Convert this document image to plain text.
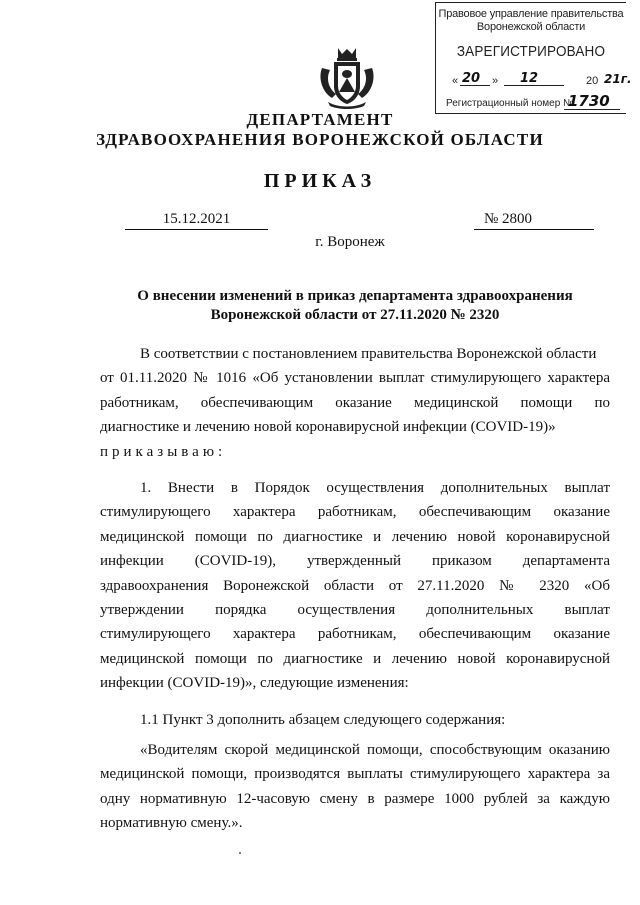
Правовое управление правительства
Воронежской области
ЗАРЕГИСТРИРОВАНО
« 20 » 12	20 21г.
Регистрационный номер №
1730
ДЕПАРТАМЕНТ
ЗДРАВООХРАНЕНИЯ ВОРОНЕЖСКОЙ ОБЛАСТИ
ПРИКАЗ
15.12.2021	№ 2800
г. Воронеж
О внесении изменений в приказ департамента здравоохранения
Воронежской области от 27.11.2020 № 2320
В соответствии с постановлением правительства Воронежской области
от 01.11.2020 № 1016 «Об установлении выплат стимулирующего характера
работникам, обеспечивающим оказание медицинской помощи по
диагностике и лечению новой коронавирусной инфекции (COVID-19)»
приказываю:
1. Внести в Порядок осуществления дополнительных выплат
стимулирующего характера работникам, обеспечивающим оказание
медицинской помощи по диагностике и лечению новой коронавирусной
инфекции (COVID-19), утвержденный приказом департамента
здравоохранения Воронежской области от 27.11.2020 № 2320 «Об
утверждении порядка осуществления дополнительных выплат
стимулирующего характера работникам, обеспечивающим оказание
медицинской помощи по диагностике и лечению новой коронавирусной
инфекции (COVID-19)», следующие изменения:
1.1 Пункт 3 дополнить абзацем следующего содержания:
«Водителям скорой медицинской помощи, способствующим оказанию
медицинской помощи, производятся выплаты стимулирующего характера за
одну нормативную 12-часовую смену в размере 1000 рублей за каждую
нормативную смену.».
